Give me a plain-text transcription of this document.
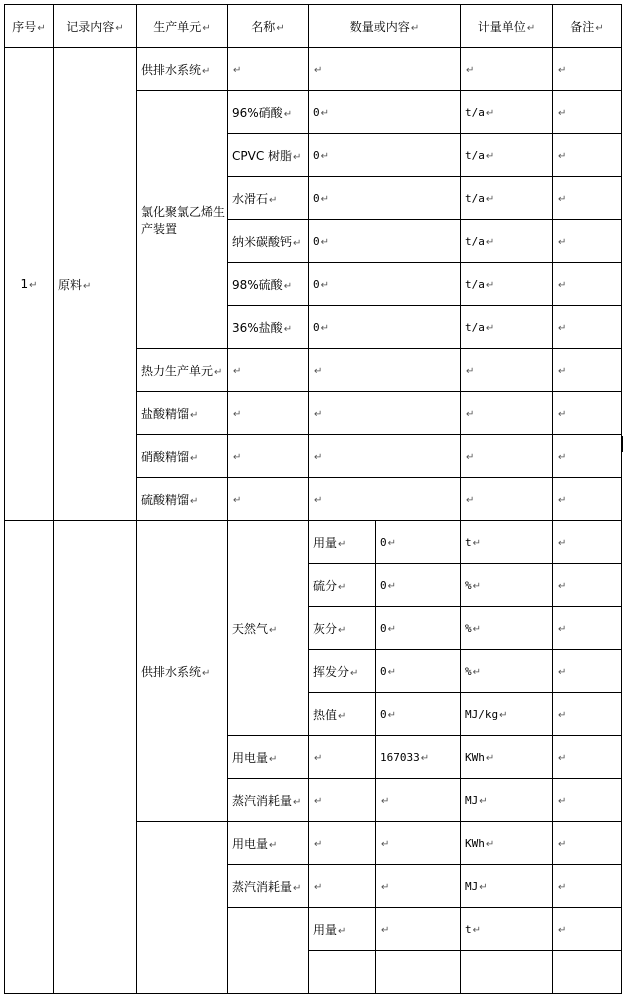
序号↵	记录内容↵	生产单元↵	名称↵	数量或内容↵		计量单位↵	备注↵
1↵	原料↵	供排水系统↵	↵	↵		↵	↵
		氯化聚氯乙烯生产装置	96%硝酸↵	0↵		t/a↵	↵
			CPVC 树脂↵	0↵		t/a↵	↵
			水滑石↵	0↵		t/a↵	↵
			纳米碳酸钙↵	0↵		t/a↵	↵
			98%硫酸↵	0↵		t/a↵	↵
			36%盐酸↵	0↵		t/a↵	↵
		热力生产单元↵	↵	↵		↵	↵
		盐酸精馏↵	↵	↵		↵	↵
		硝酸精馏↵	↵	↵		↵	↵
		硫酸精馏↵	↵	↵		↵	↵
		供排水系统↵	天然气↵	用量↵	0↵	t↵	↵
				硫分↵	0↵	%↵	↵
				灰分↵	0↵	%↵	↵
				挥发分↵	0↵	%↵	↵
				热值↵	0↵	MJ/kg↵	↵
			用电量↵	↵	167033↵	KWh↵	↵
			蒸汽消耗量↵	↵	↵	MJ↵	↵
			用电量↵	↵	↵	KWh↵	↵
			蒸汽消耗量↵	↵	↵	MJ↵	↵
				用量↵	↵	t↵	↵
